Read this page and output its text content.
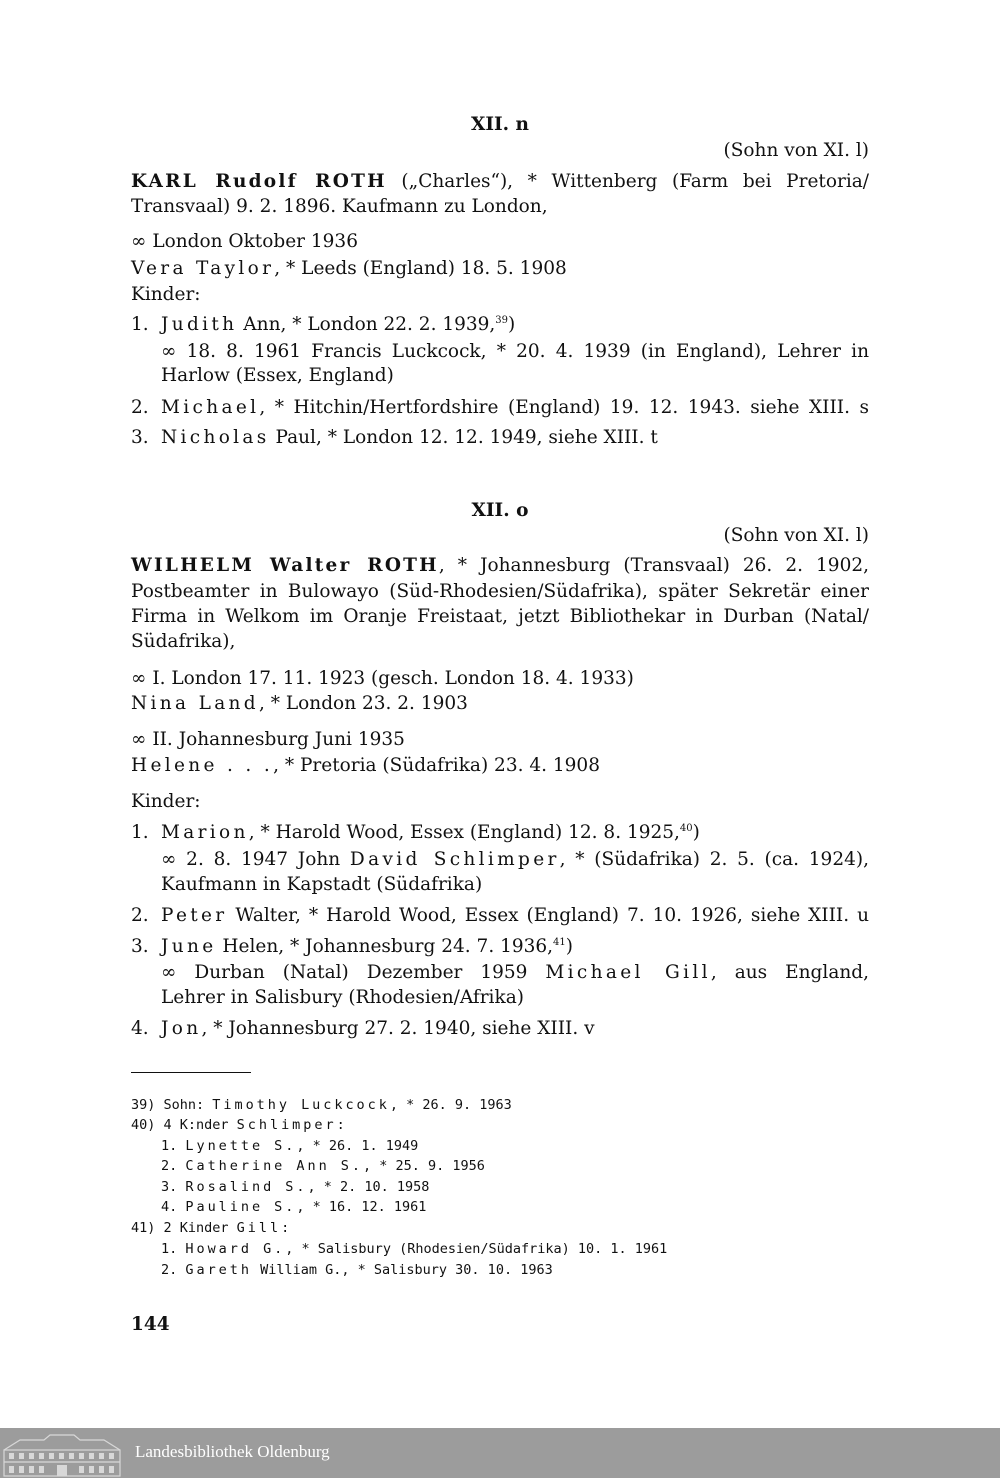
XII. n
(Sohn von XI. l)
KARL Rudolf ROTH („Charles“), * Wittenberg (Farm bei Pretoria/
Transvaal) 9. 2. 1896. Kaufmann zu London,
∞ London Oktober 1936
Vera Taylor, * Leeds (England) 18. 5. 1908
Kinder:
1. Judith Ann, * London 22. 2. 1939,39)
∞ 18. 8. 1961 Francis Luckcock, * 20. 4. 1939 (in England), Lehrer in
Harlow (Essex, England)
2. Michael, * Hitchin/Hertfordshire (England) 19. 12. 1943. siehe XIII. s
3. Nicholas Paul, * London 12. 12. 1949, siehe XIII. t
XII. o
(Sohn von XI. l)
WILHELM Walter ROTH, * Johannesburg (Transvaal) 26. 2. 1902,
Postbeamter in Bulowayo (Süd-Rhodesien/Südafrika), später Sekretär einer
Firma in Welkom im Oranje Freistaat, jetzt Bibliothekar in Durban (Natal/
Südafrika),
∞ I. London 17. 11. 1923 (gesch. London 18. 4. 1933)
Nina Land, * London 23. 2. 1903
∞ II. Johannesburg Juni 1935
Helene . . ., * Pretoria (Südafrika) 23. 4. 1908
Kinder:
1. Marion, * Harold Wood, Essex (England) 12. 8. 1925,40)
∞ 2. 8. 1947 John David Schlimper, * (Südafrika) 2. 5. (ca. 1924),
Kaufmann in Kapstadt (Südafrika)
2. Peter Walter, * Harold Wood, Essex (England) 7. 10. 1926, siehe XIII. u
3. June Helen, * Johannesburg 24. 7. 1936,41)
∞ Durban (Natal) Dezember 1959 Michael Gill, aus England,
Lehrer in Salisbury (Rhodesien/Afrika)
4. Jon, * Johannesburg 27. 2. 1940, siehe XIII. v
39) Sohn: Timothy Luckcock, * 26. 9. 1963
40) 4 K:nder Schlimper:
1. Lynette S., * 26. 1. 1949
2. Catherine Ann S., * 25. 9. 1956
3. Rosalind S., * 2. 10. 1958
4. Pauline S., * 16. 12. 1961
41) 2 Kinder Gill:
1. Howard G., * Salisbury (Rhodesien/Südafrika) 10. 1. 1961
2. Gareth William G., * Salisbury 30. 10. 1963
144
Landesbibliothek Oldenburg
